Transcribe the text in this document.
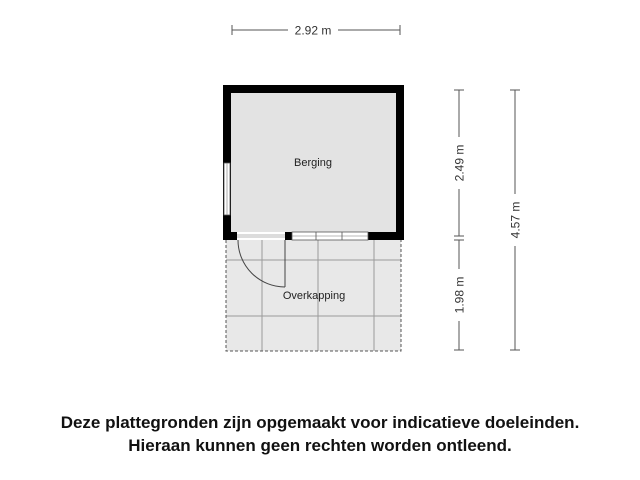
2.92 m
Berging
Overkapping
2.49 m
1.98 m
4.57 m
Deze plattegronden zijn opgemaakt voor indicatieve doeleinden.
Hieraan kunnen geen rechten worden ontleend.
